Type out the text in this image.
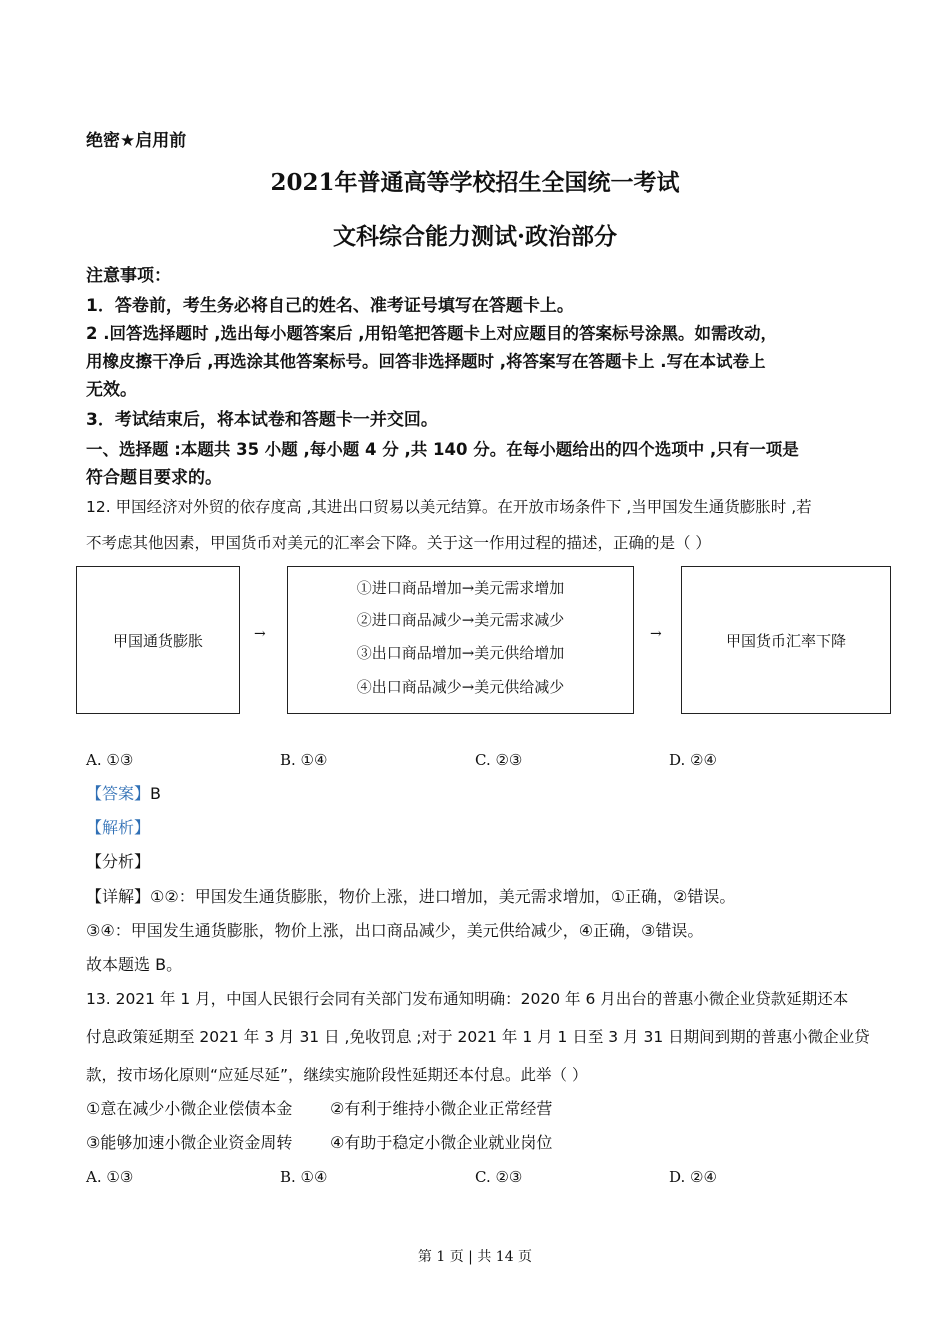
绝密★启用前
2021年普通高等学校招生全国统一考试
文科综合能力测试·政治部分
注意事项：
1．答卷前，考生务必将自己的姓名、准考证号填写在答题卡上。
2 .回答选择题时 ,选出每小题答案后 ,用铅笔把答题卡上对应题目的答案标号涂黑。如需改动，
用橡皮擦干净后 ,再选涂其他答案标号。回答非选择题时 ,将答案写在答题卡上 .写在本试卷上
无效。
3．考试结束后，将本试卷和答题卡一并交回。
一、选择题 :本题共 35 小题 ,每小题 4 分 ,共 140 分。在每小题给出的四个选项中 ,只有一项是
符合题目要求的。
12. 甲国经济对外贸的依存度高 ,其进出口贸易以美元结算。在开放市场条件下 ,当甲国发生通货膨胀时 ,若
不考虑其他因素，甲国货币对美元的汇率会下降。关于这一作用过程的描述，正确的是（ ）
甲国通货膨胀	→
①进口商品增加→美元需求增加
②进口商品减少→美元需求减少
③出口商品增加→美元供给增加
④出口商品减少→美元供给减少
→	甲国货币汇率下降
A. ①③	B. ①④	C. ②③	D. ②④
【答案】B
【解析】
【分析】
【详解】①②：甲国发生通货膨胀，物价上涨，进口增加，美元需求增加，①正确，②错误。
③④：甲国发生通货膨胀，物价上涨，出口商品减少，美元供给减少，④正确，③错误。
故本题选 B。
13. 2021 年 1 月，中国人民银行会同有关部门发布通知明确：2020 年 6 月出台的普惠小微企业贷款延期还本
付息政策延期至 2021 年 3 月 31 日 ,免收罚息 ;对于 2021 年 1 月 1 日至 3 月 31 日期间到期的普惠小微企业贷
款，按市场化原则“应延尽延”，继续实施阶段性延期还本付息。此举（ ）
①意在减少小微企业偿债本金 ②有利于维持小微企业正常经营
③能够加速小微企业资金周转 ④有助于稳定小微企业就业岗位
A. ①③	B. ①④	C. ②③	D. ②④
第 1 页 | 共 14 页
